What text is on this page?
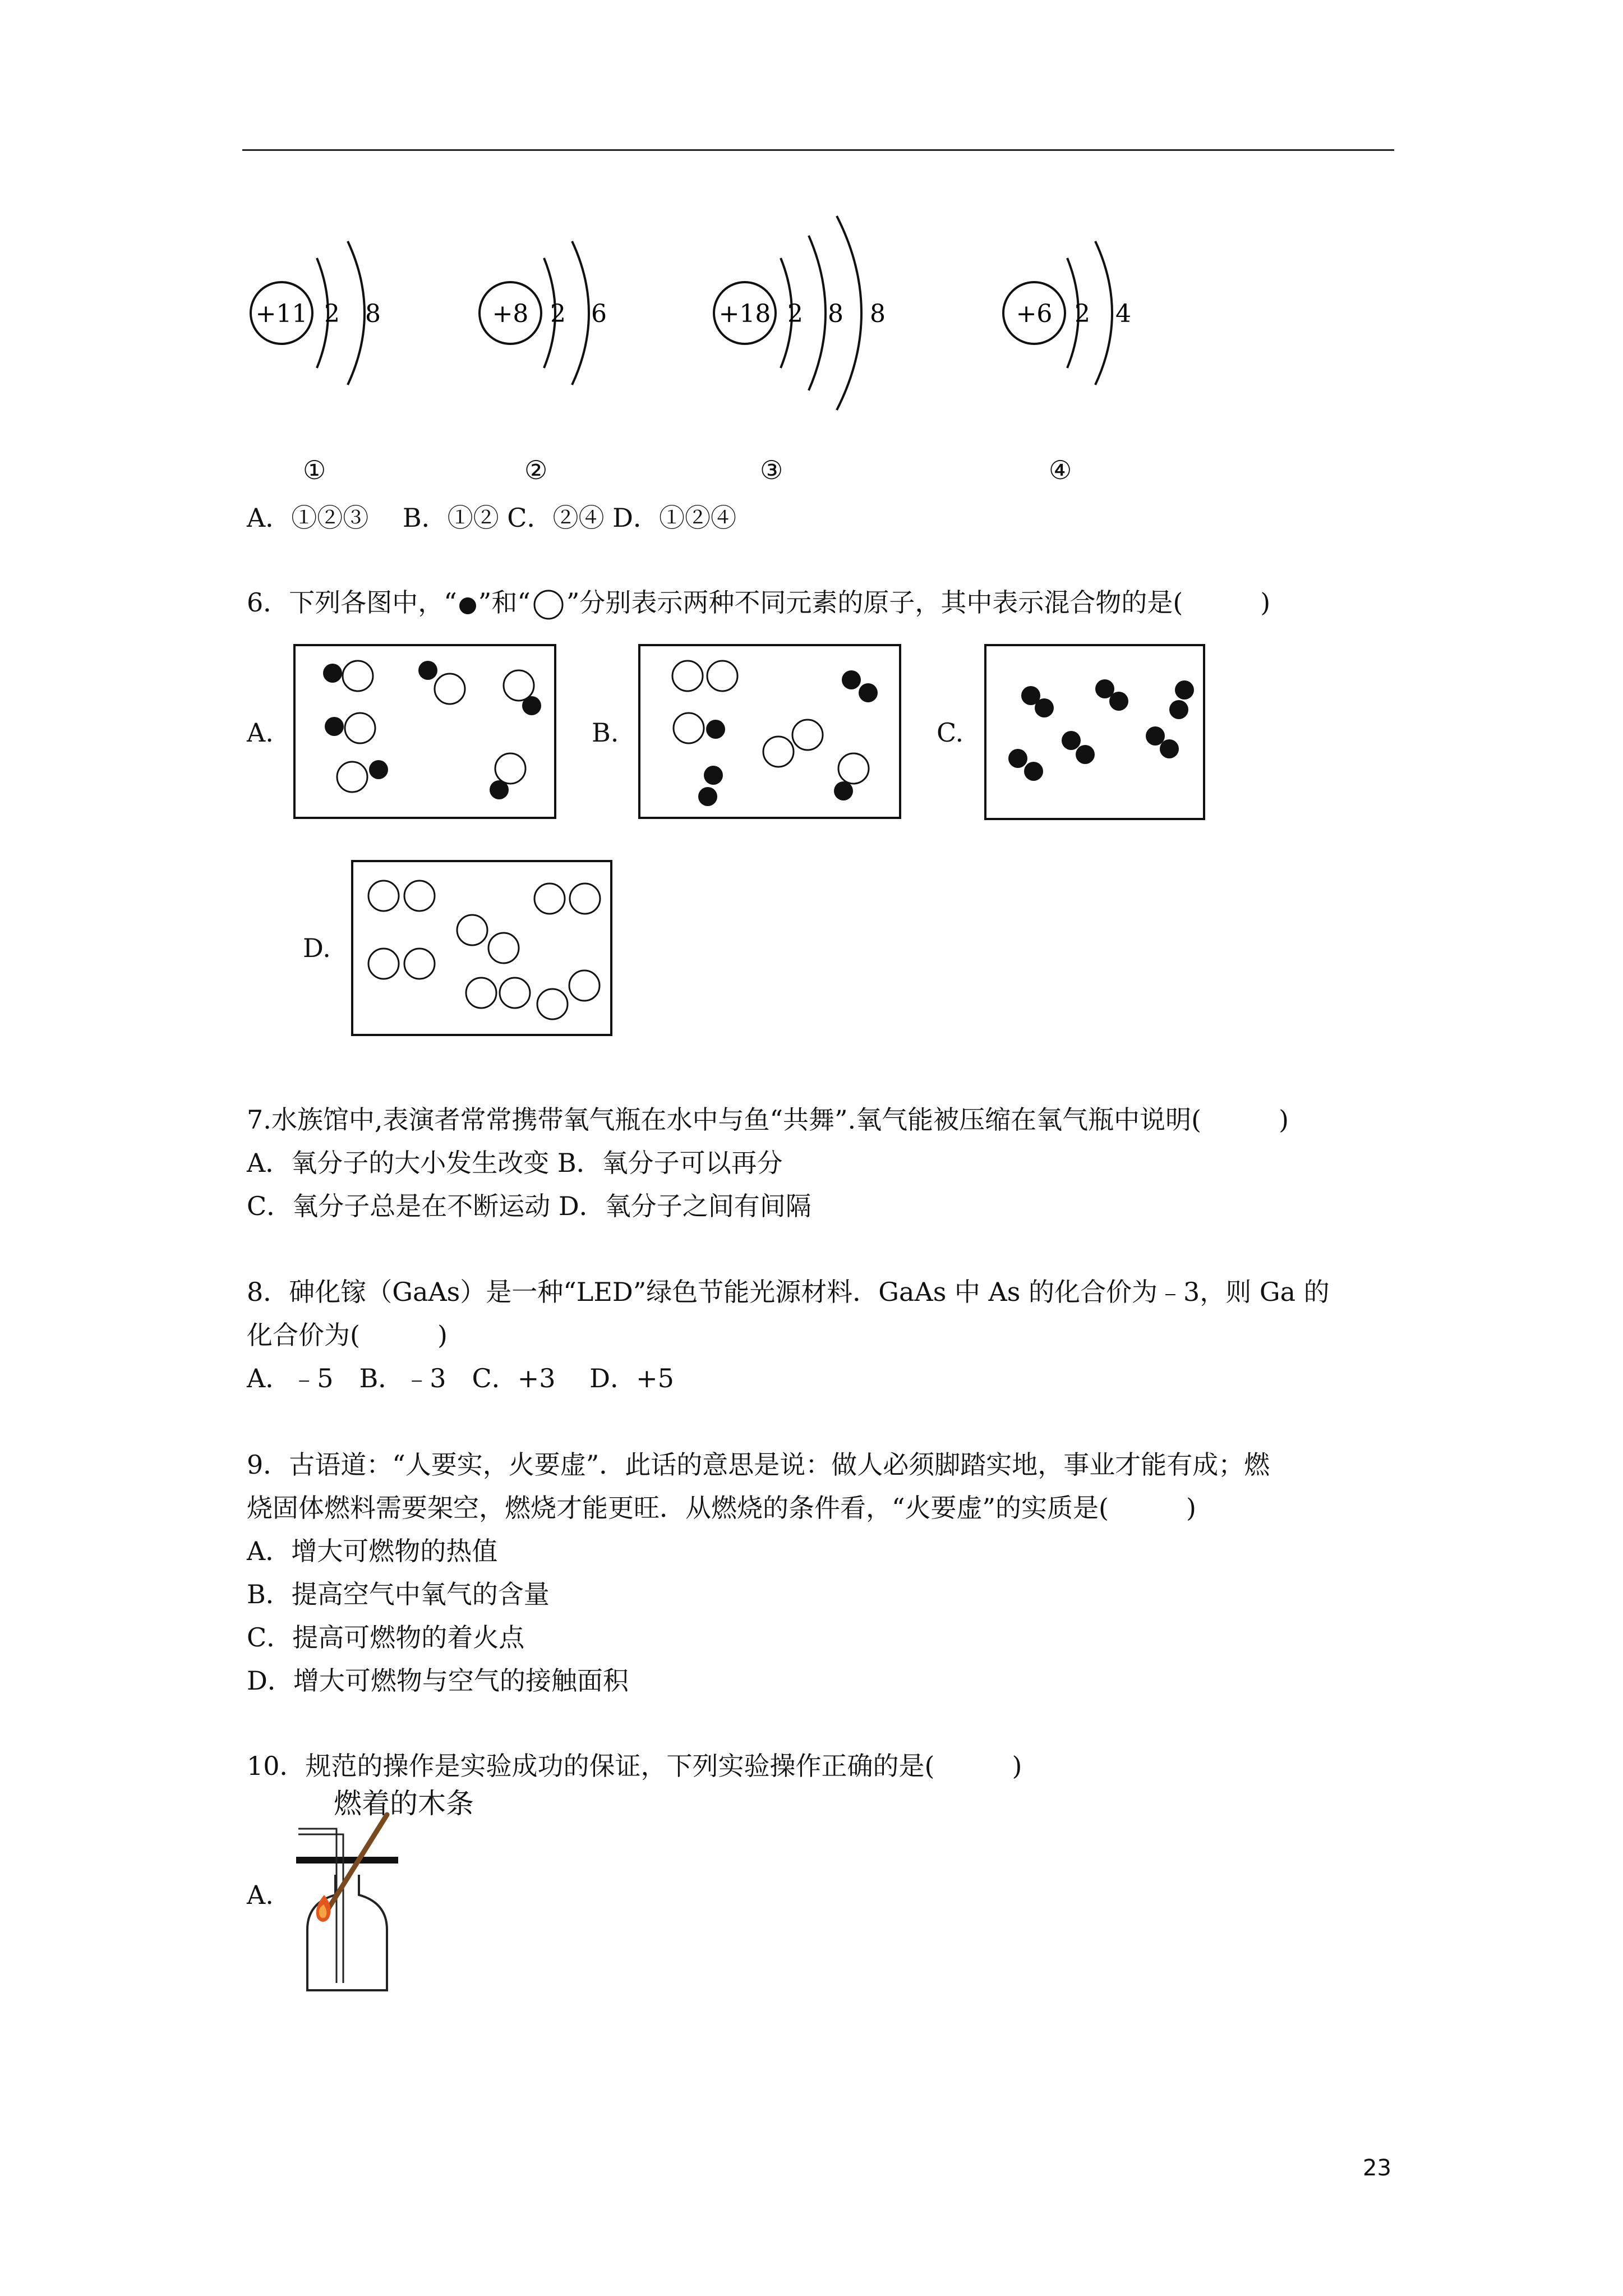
+11 2 8	+8 2 6	+18 2 8 8	+6 2 4
①	②	③	④
A．①②③　 B．①② C．②④ D．①②④
6．下列各图中，“ ”和“ ”分别表示两种不同元素的原子，其中表示混合物的是(　　　)
A.	B.	C.
D.
7.水族馆中,表演者常常携带氧气瓶在水中与鱼“共舞”.氧气能被压缩在氧气瓶中说明(　　　)
A．氧分子的大小发生改变 B．氧分子可以再分
C．氧分子总是在不断运动 D．氧分子之间有间隔
8．砷化镓（GaAs）是一种“LED”绿色节能光源材料．GaAs 中 As 的化合价为﹣3，则 Ga 的
化合价为(　　　)
A．﹣5　B．﹣3　C．+3　 D．+5
9．古语道：“人要实，火要虚”．此话的意思是说：做人必须脚踏实地，事业才能有成；燃
烧固体燃料需要架空，燃烧才能更旺．从燃烧的条件看，“火要虚”的实质是(　　　)
A．增大可燃物的热值
B．提高空气中氧气的含量
C．提高可燃物的着火点
D．增大可燃物与空气的接触面积
10．规范的操作是实验成功的保证，下列实验操作正确的是(　　　)
燃着的木条
A.
23
